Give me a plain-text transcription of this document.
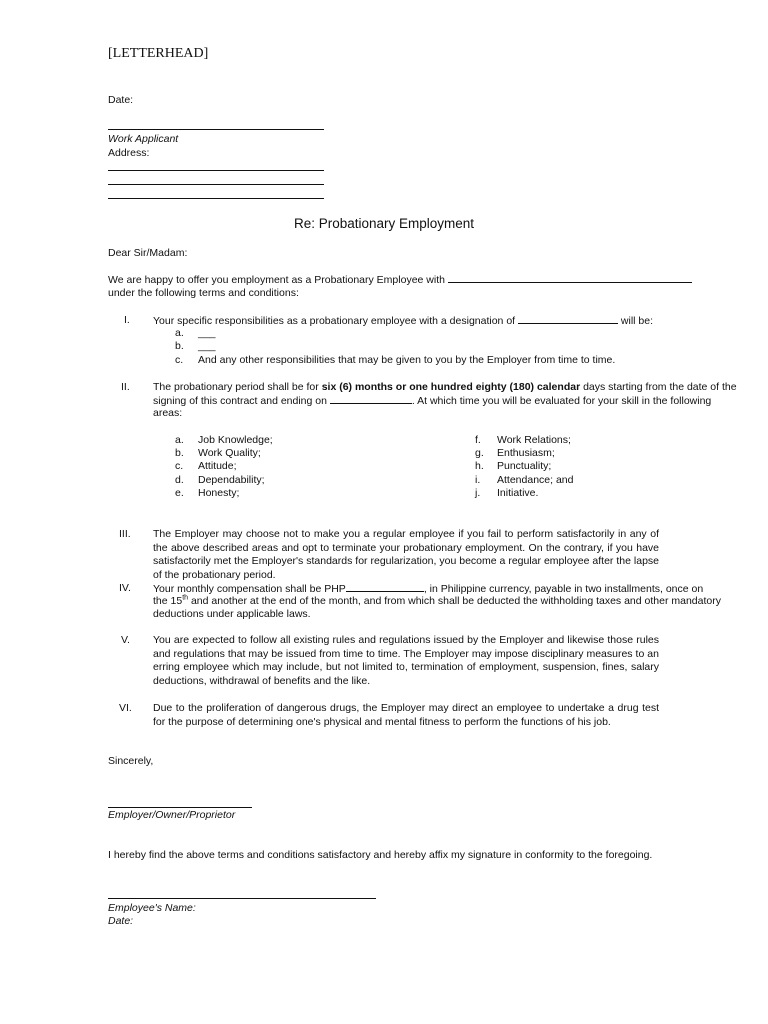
[LETTERHEAD]
Date:
Work Applicant
Address:
Re: Probationary Employment
Dear Sir/Madam:
We are happy to offer you employment as a Probationary Employee with
under the following terms and conditions:
I. Your specific responsibilities as a probationary employee with a designation of	will be:
a. ___
b. ___
c. And any other responsibilities that may be given to you by the Employer from time to time.
II. The probationary period shall be for six (6) months or one hundred eighty (180) calendar days starting from the date of the
signing of this contract and ending on	. At which time you will be evaluated for your skill in the following
areas:
a. Job Knowledge;
b. Work Quality;
c. Attitude;
d. Dependability;
e. Honesty;
f. Work Relations;
g. Enthusiasm;
h. Punctuality;
i. Attendance; and
j. Initiative.
III. The Employer may choose not to make you a regular employee if you fail to perform satisfactorily in any of the above described areas and opt to terminate your probationary employment. On the contrary, if you have satisfactorily met the Employer's standards for regularization, you become a regular employee after the lapse of the probationary period.
IV. Your monthly compensation shall be PHP	, in Philippine currency, payable in two installments, once on
the 15th and another at the end of the month, and from which shall be deducted the withholding taxes and other mandatory
deductions under applicable laws.
V. You are expected to follow all existing rules and regulations issued by the Employer and likewise those rules and regulations that may be issued from time to time. The Employer may impose disciplinary measures to an erring employee which may include, but not limited to, termination of employment, suspension, fines, salary deductions, withdrawal of benefits and the like.
VI. Due to the proliferation of dangerous drugs, the Employer may direct an employee to undertake a drug test for the purpose of determining one's physical and mental fitness to perform the functions of his job.
Sincerely,
Employer/Owner/Proprietor
I hereby find the above terms and conditions satisfactory and hereby affix my signature in conformity to the foregoing.
Employee's Name:
Date:
